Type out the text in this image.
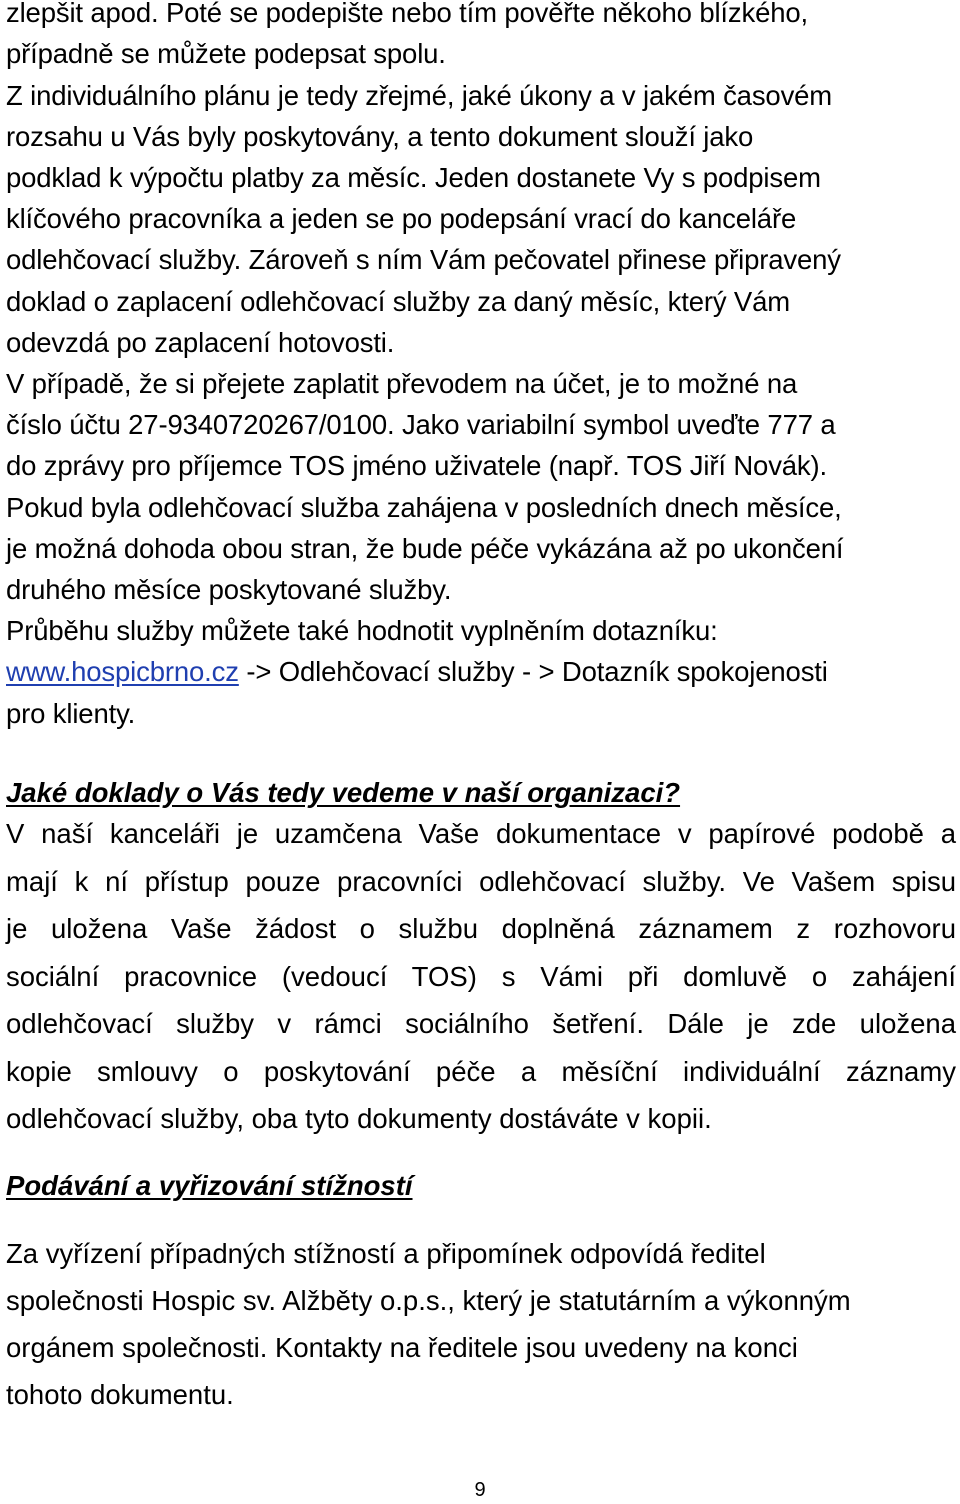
zlepšit apod. Poté se podepište nebo tím pověřte někoho blízkého,
případně se můžete podepsat spolu.
Z individuálního plánu je tedy zřejmé, jaké úkony a v jakém časovém
rozsahu u Vás byly poskytovány, a tento dokument slouží jako
podklad k výpočtu platby za měsíc. Jeden dostanete Vy s podpisem
klíčového pracovníka a jeden se po podepsání vrací do kanceláře
odlehčovací služby. Zároveň s ním Vám pečovatel přinese připravený
doklad o zaplacení odlehčovací služby za daný měsíc, který Vám
odevzdá po zaplacení hotovosti.
V případě, že si přejete zaplatit převodem na účet, je to možné na
číslo účtu 27-9340720267/0100. Jako variabilní symbol uveďte 777 a
do zprávy pro příjemce TOS jméno uživatele (např. TOS Jiří Novák).
Pokud byla odlehčovací služba zahájena v posledních dnech měsíce,
je možná dohoda obou stran, že bude péče vykázána až po ukončení
druhého měsíce poskytované služby.
Průběhu služby můžete také hodnotit vyplněním dotazníku:
www.hospicbrno.cz -> Odlehčovací služby - > Dotazník spokojenosti
pro klienty.
Jaké doklady o Vás tedy vedeme v naší organizaci?
V naší kanceláři je uzamčena Vaše dokumentace v papírové podobě a
mají k ní přístup pouze pracovníci odlehčovací služby. Ve Vašem spisu
je uložena Vaše žádost o službu doplněná záznamem z rozhovoru
sociální pracovnice (vedoucí TOS) s Vámi při domluvě o zahájení
odlehčovací služby v rámci sociálního šetření. Dále je zde uložena
kopie smlouvy o poskytování péče a měsíční individuální záznamy
odlehčovací služby, oba tyto dokumenty dostáváte v kopii.
Podávání a vyřizování stížností
Za vyřízení případných stížností a připomínek odpovídá ředitel
společnosti Hospic sv. Alžběty o.p.s., který je statutárním a výkonným
orgánem společnosti. Kontakty na ředitele jsou uvedeny na konci
tohoto dokumentu.
9
